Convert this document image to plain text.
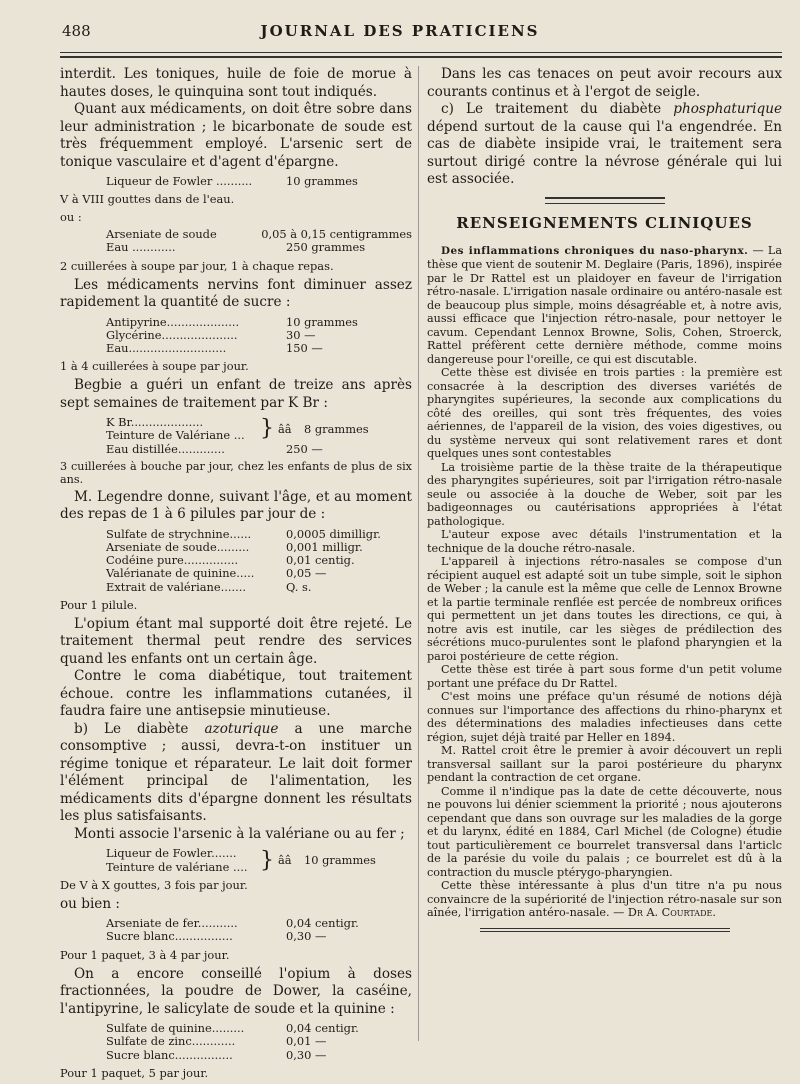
488	JOURNAL DES PRATICIENS

interdit. Les toniques, huile de foie de morue à hautes doses, le quinquina sont tout indiqués.

Quant aux médicaments, on doit être sobre dans leur administration ; le bicarbonate de soude est très fréquemment employé. L'arsenic sert de tonique vasculaire et d'agent d'épargne.

Liqueur de Fowler ..........	10 grammes

V à VIII gouttes dans de l'eau.

ou :

Arseniate de soude	0,05 à 0,15 centigrammes
Eau ............	250 grammes

2 cuillerées à soupe par jour, 1 à chaque repas.

Les médicaments nervins font diminuer assez rapidement la quantité de sucre :

Antipyrine....................	10 grammes
Glycérine.....................	30 —
Eau...........................	150 —

1 à 4 cuillerées à soupe par jour.

Begbie a guéri un enfant de treize ans après sept semaines de traitement par K Br :

K Br....................
Teinture de Valériane ... } ââ	8 grammes
Eau distillée.............	250 —

3 cuillerées à bouche par jour, chez les enfants de plus de six ans.

M. Legendre donne, suivant l'âge, et au moment des repas de 1 à 6 pilules par jour de :

Sulfate de strychnine......	0,0005 dimilligr.
Arseniate de soude.........	0,001 milligr.
Codéine pure...............	0,01 centig.
Valérianate de quinine.....	0,05 —
Extrait de valériane.......	Q. s.

Pour 1 pilule.

L'opium étant mal supporté doit être rejeté. Le traitement thermal peut rendre des services quand les enfants ont un certain âge.

Contre le coma diabétique, tout traitement échoue. contre les inflammations cutanées, il faudra faire une antisepsie minutieuse.

b) Le diabète azoturique a une marche consomptive ; aussi, devra-t-on instituer un régime tonique et réparateur. Le lait doit former l'élément principal de l'alimentation, les médicaments dits d'épargne donnent les résultats les plus satisfaisants.

Monti associe l'arsenic à la valériane ou au fer ;

Liqueur de Fowler.......
Teinture de valériane .... } ââ	10 grammes

De V à X gouttes, 3 fois par jour.

ou bien :

Arseniate de fer...........	0,04 centigr.
Sucre blanc................	0,30 —

Pour 1 paquet, 3 à 4 par jour.

On a encore conseillé l'opium à doses fractionnées, la poudre de Dower, la caséine, l'antipyrine, le salicylate de soude et la quinine :

Sulfate de quinine.........	0,04 centigr.
Sulfate de zinc............	0,01 —
Sucre blanc................	0,30 —

Pour 1 paquet, 5 par jour.

Dans les cas tenaces on peut avoir recours aux courants continus et à l'ergot de seigle.

c) Le traitement du diabète phosphaturique dépend surtout de la cause qui l'a engendrée. En cas de diabète insipide vrai, le traitement sera surtout dirigé contre la névrose générale qui lui est associée.

RENSEIGNEMENTS CLINIQUES

Des inflammations chroniques du naso-pharynx. — La thèse que vient de soutenir M. Deglaire (Paris, 1896), inspirée par le Dr Rattel est un plaidoyer en faveur de l'irrigation rétro-nasale. L'irrigation nasale ordinaire ou antéro-nasale est de beaucoup plus simple, moins désagréable et, à notre avis, aussi efficace que l'injection rétro-nasale, pour nettoyer le cavum. Cependant Lennox Browne, Solis, Cohen, Stroerck, Rattel préfèrent cette dernière méthode, comme moins dangereuse pour l'oreille, ce qui est discutable.

Cette thèse est divisée en trois parties : la première est consacrée à la description des diverses variétés de pharyngites supérieures, la seconde aux complications du côté des oreilles, qui sont très fréquentes, des voies aériennes, de l'appareil de la vision, des voies digestives, ou du système nerveux qui sont relativement rares et dont quelques unes sont contestables

La troisième partie de la thèse traite de la thérapeutique des pharyngites supérieures, soit par l'irrigation rétro-nasale seule ou associée à la douche de Weber, soit par les badigeonnages ou cautérisations appropriées à l'état pathologique.

L'auteur expose avec détails l'instrumentation et la technique de la douche rétro-nasale.

L'appareil à injections rétro-nasales se compose d'un récipient auquel est adapté soit un tube simple, soit le siphon de Weber ; la canule est la même que celle de Lennox Browne et la partie terminale renflée est percée de nombreux orifices qui permettent un jet dans toutes les directions, ce qui, à notre avis est inutile, car les sièges de prédilection des sécrétions muco-purulentes sont le plafond pharyngien et la paroi postérieure de cette région.

Cette thèse est tirée à part sous forme d'un petit volume portant une préface du Dr Rattel.

C'est moins une préface qu'un résumé de notions déjà connues sur l'importance des affections du rhino-pharynx et des déterminations des maladies infectieuses dans cette région, sujet déjà traité par Heller en 1894.

M. Rattel croit être le premier à avoir découvert un repli transversal saillant sur la paroi postérieure du pharynx pendant la contraction de cet organe.

Comme il n'indique pas la date de cette découverte, nous ne pouvons lui dénier sciemment la priorité ; nous ajouterons cependant que dans son ouvrage sur les maladies de la gorge et du larynx, édité en 1884, Carl Michel (de Cologne) étudie tout particulièrement ce bourrelet transversal dans l'articlc de la parésie du voile du palais ; ce bourrelet est dû à la contraction du muscle ptérygo-pharyngien.

Cette thèse intéressante à plus d'un titre n'a pu nous convaincre de la supériorité de l'injection rétro-nasale sur son aînée, l'irrigation antéro-nasale. — Dr A. Courtade.
